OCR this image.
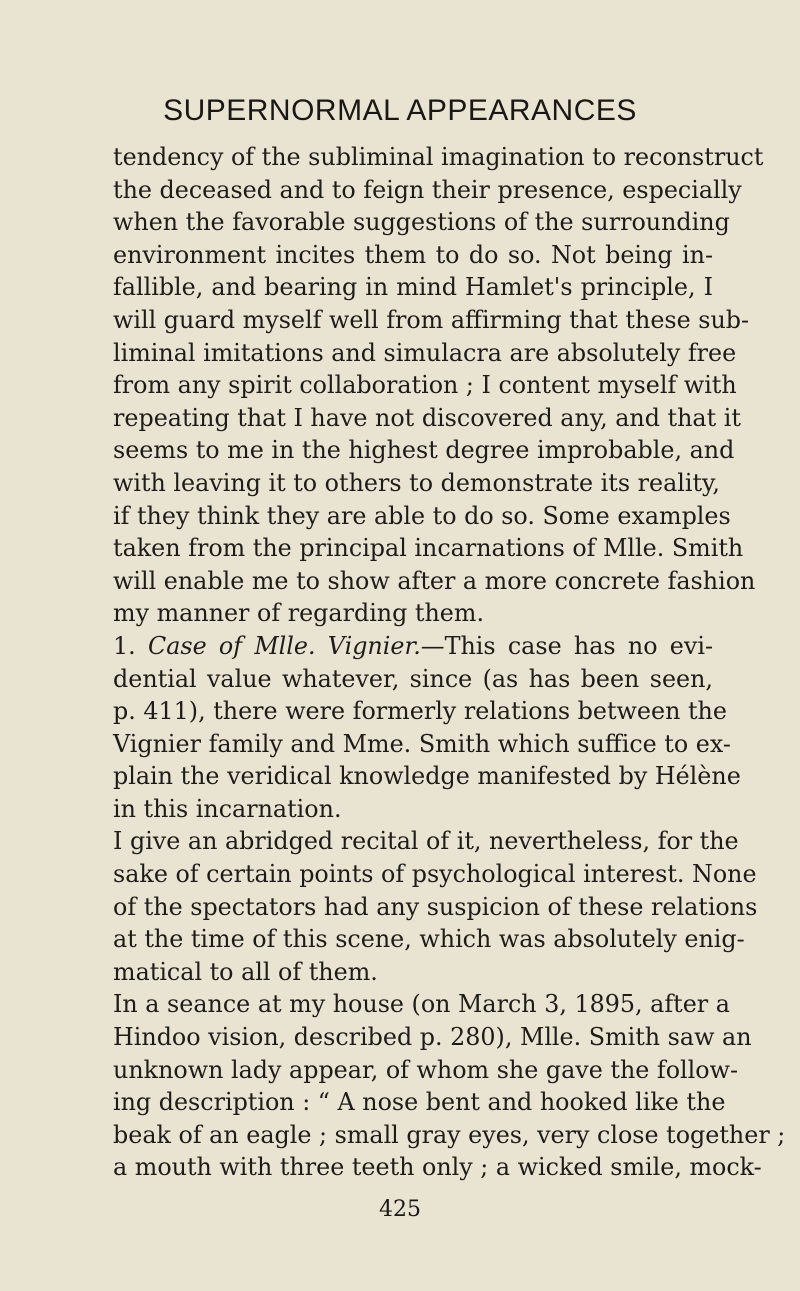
SUPERNORMAL APPEARANCES
tendency of the subliminal imagination to reconstruct
the deceased and to feign their presence, especially
when the favorable suggestions of the surrounding
environment incites them to do so. Not being in-
fallible, and bearing in mind Hamlet's principle, I
will guard myself well from affirming that these sub-
liminal imitations and simulacra are absolutely free
from any spirit collaboration ; I content myself with
repeating that I have not discovered any, and that it
seems to me in the highest degree improbable, and
with leaving it to others to demonstrate its reality,
if they think they are able to do so. Some examples
taken from the principal incarnations of Mlle. Smith
will enable me to show after a more concrete fashion
my manner of regarding them.
1. Case of Mlle. Vignier.—This case has no evi-
dential value whatever, since (as has been seen,
p. 411), there were formerly relations between the
Vignier family and Mme. Smith which suffice to ex-
plain the veridical knowledge manifested by Hélène
in this incarnation.
I give an abridged recital of it, nevertheless, for the
sake of certain points of psychological interest. None
of the spectators had any suspicion of these relations
at the time of this scene, which was absolutely enig-
matical to all of them.
In a seance at my house (on March 3, 1895, after a
Hindoo vision, described p. 280), Mlle. Smith saw an
unknown lady appear, of whom she gave the follow-
ing description : “ A nose bent and hooked like the
beak of an eagle ; small gray eyes, very close together ;
a mouth with three teeth only ; a wicked smile, mock-
425
